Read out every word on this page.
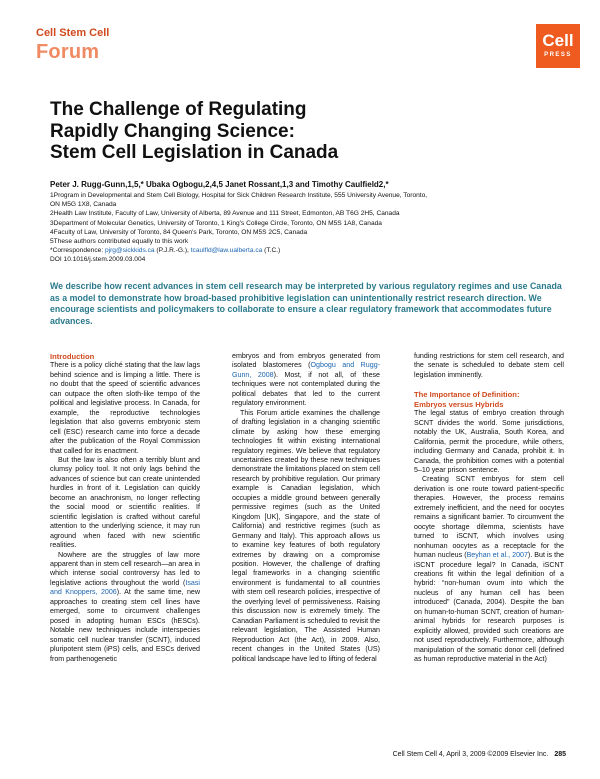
Cell Stem Cell
Forum
Cell
PRESS
The Challenge of Regulating
Rapidly Changing Science:
Stem Cell Legislation in Canada
Peter J. Rugg-Gunn,1,5,* Ubaka Ogbogu,2,4,5 Janet Rossant,1,3 and Timothy Caulfield2,*
1Program in Developmental and Stem Cell Biology, Hospital for Sick Children Research Institute, 555 University Avenue, Toronto,
ON M5G 1X8, Canada
2Health Law Institute, Faculty of Law, University of Alberta, 89 Avenue and 111 Street, Edmonton, AB T6G 2H5, Canada
3Department of Molecular Genetics, University of Toronto, 1 King's College Circle, Toronto, ON M5S 1A8, Canada
4Faculty of Law, University of Toronto, 84 Queen's Park, Toronto, ON M5S 2C5, Canada
5These authors contributed equally to this work
*Correspondence: pjrg@sickkids.ca (P.J.R.-G.), tcaulfld@law.ualberta.ca (T.C.)
DOI 10.1016/j.stem.2009.03.004
We describe how recent advances in stem cell research may be interpreted by various regulatory regimes and use Canada as a model to demonstrate how broad-based prohibitive legislation can unintentionally restrict research direction. We encourage scientists and policymakers to collaborate to ensure a clear regulatory framework that accommodates future advances.
Introduction

There is a policy cliché stating that the law lags behind science and is limping a little. There is no doubt that the speed of scientific advances can outpace the often sloth-like tempo of the political and legislative process. In Canada, for example, the reproductive technologies legislation that also governs embryonic stem cell (ESC) research came into force a decade after the publication of the Royal Commission that called for its enactment.

But the law is also often a terribly blunt and clumsy policy tool. It not only lags behind the advances of science but can create unintended hurdles in front of it. Legislation can quickly become an anachronism, no longer reflecting the social mood or scientific realities. If scientific legislation is crafted without careful attention to the underlying science, it may run aground when faced with new scientific realities.

Nowhere are the struggles of law more apparent than in stem cell research—an area in which intense social controversy has led to legislative actions throughout the world (Isasi and Knoppers, 2006). At the same time, new approaches to creating stem cell lines have emerged, some to circumvent challenges posed in adopting human ESCs (hESCs). Notable new techniques include interspecies somatic cell nuclear transfer (SCNT), induced pluripotent stem (iPS) cells, and ESCs derived from parthenogenetic

embryos and from embryos generated from isolated blastomeres (Ogbogu and Rugg-Gunn, 2008). Most, if not all, of these techniques were not contemplated during the political debates that led to the current regulatory environment.

This Forum article examines the challenge of drafting legislation in a changing scientific climate by asking how these emerging technologies fit within existing international regulatory regimes. We believe that regulatory uncertainties created by these new techniques demonstrate the limitations placed on stem cell research by prohibitive regulation. Our primary example is Canadian legislation, which occupies a middle ground between generally permissive regimes (such as the United Kingdom [UK], Singapore, and the state of California) and restrictive regimes (such as Germany and Italy). This approach allows us to examine key features of both regulatory extremes by drawing on a compromise position. However, the challenge of drafting legal frameworks in a changing scientific environment is fundamental to all countries with stem cell research policies, irrespective of the overlying level of permissiveness. Raising this discussion now is extremely timely. The Canadian Parliament is scheduled to revisit the relevant legislation, The Assisted Human Reproduction Act (the Act), in 2009. Also, recent changes in the United States (US) political landscape have led to lifting of federal

funding restrictions for stem cell research, and the senate is scheduled to debate stem cell legislation imminently.

The Importance of Definition:
Embryos versus Hybrids

The legal status of embryo creation through SCNT divides the world. Some jurisdictions, notably the UK, Australia, South Korea, and California, permit the procedure, while others, including Germany and Canada, prohibit it. In Canada, the prohibition comes with a potential 5–10 year prison sentence.

Creating SCNT embryos for stem cell derivation is one route toward patient-specific therapies. However, the process remains extremely inefficient, and the need for oocytes remains a significant barrier. To circumvent the oocyte shortage dilemma, scientists have turned to iSCNT, which involves using nonhuman oocytes as a receptacle for the human nucleus (Beyhan et al., 2007). But is the iSCNT procedure legal? In Canada, iSCNT creations fit within the legal definition of a hybrid: “non-human ovum into which the nucleus of any human cell has been introduced” (Canada, 2004). Despite the ban on human-to-human SCNT, creation of human-animal hybrids for research purposes is explicitly allowed, provided such creations are not used reproductively. Furthermore, although manipulation of the somatic donor cell (defined as human reproductive material in the Act)

Cell Stem Cell 4, April 3, 2009 ©2009 Elsevier Inc. 285
